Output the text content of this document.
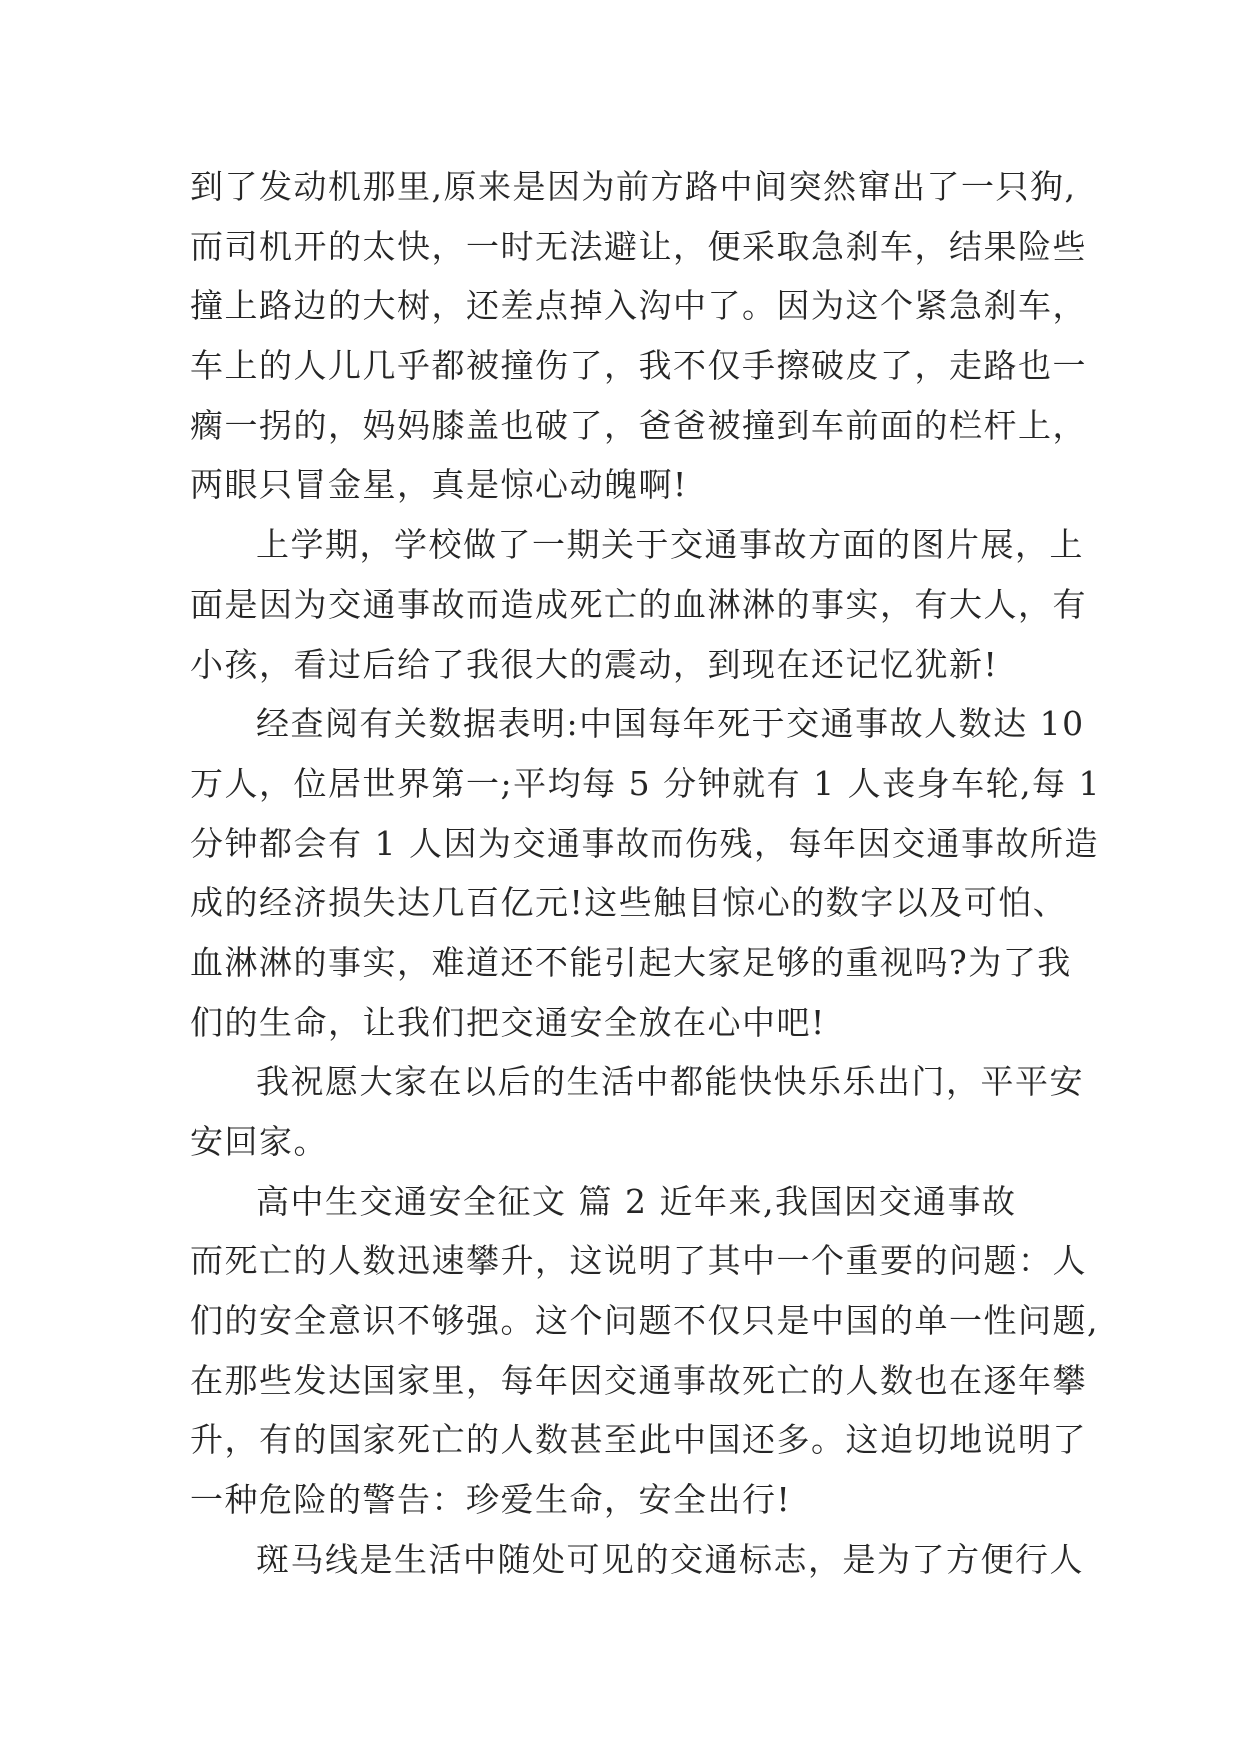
到了发动机那里,原来是因为前方路中间突然窜出了一只狗,
而司机开的太快，一时无法避让，便采取急刹车，结果险些
撞上路边的大树，还差点掉入沟中了。因为这个紧急刹车，
车上的人儿几乎都被撞伤了，我不仅手擦破皮了，走路也一
瘸一拐的，妈妈膝盖也破了，爸爸被撞到车前面的栏杆上，
两眼只冒金星，真是惊心动魄啊!
上学期，学校做了一期关于交通事故方面的图片展，上
面是因为交通事故而造成死亡的血淋淋的事实，有大人，有
小孩，看过后给了我很大的震动，到现在还记忆犹新!
经查阅有关数据表明:中国每年死于交通事故人数达 10
万人，位居世界第一;平均每 5 分钟就有 1 人丧身车轮,每 1
分钟都会有 1 人因为交通事故而伤残，每年因交通事故所造
成的经济损失达几百亿元!这些触目惊心的数字以及可怕、
血淋淋的事实，难道还不能引起大家足够的重视吗?为了我
们的生命，让我们把交通安全放在心中吧!
我祝愿大家在以后的生活中都能快快乐乐出门，平平安
安回家。
高中生交通安全征文 篇 2 近年来,我国因交通事故
而死亡的人数迅速攀升，这说明了其中一个重要的问题：人
们的安全意识不够强。这个问题不仅只是中国的单一性问题,
在那些发达国家里，每年因交通事故死亡的人数也在逐年攀
升，有的国家死亡的人数甚至此中国还多。这迫切地说明了
一种危险的警告：珍爱生命，安全出行!
斑马线是生活中随处可见的交通标志，是为了方便行人
